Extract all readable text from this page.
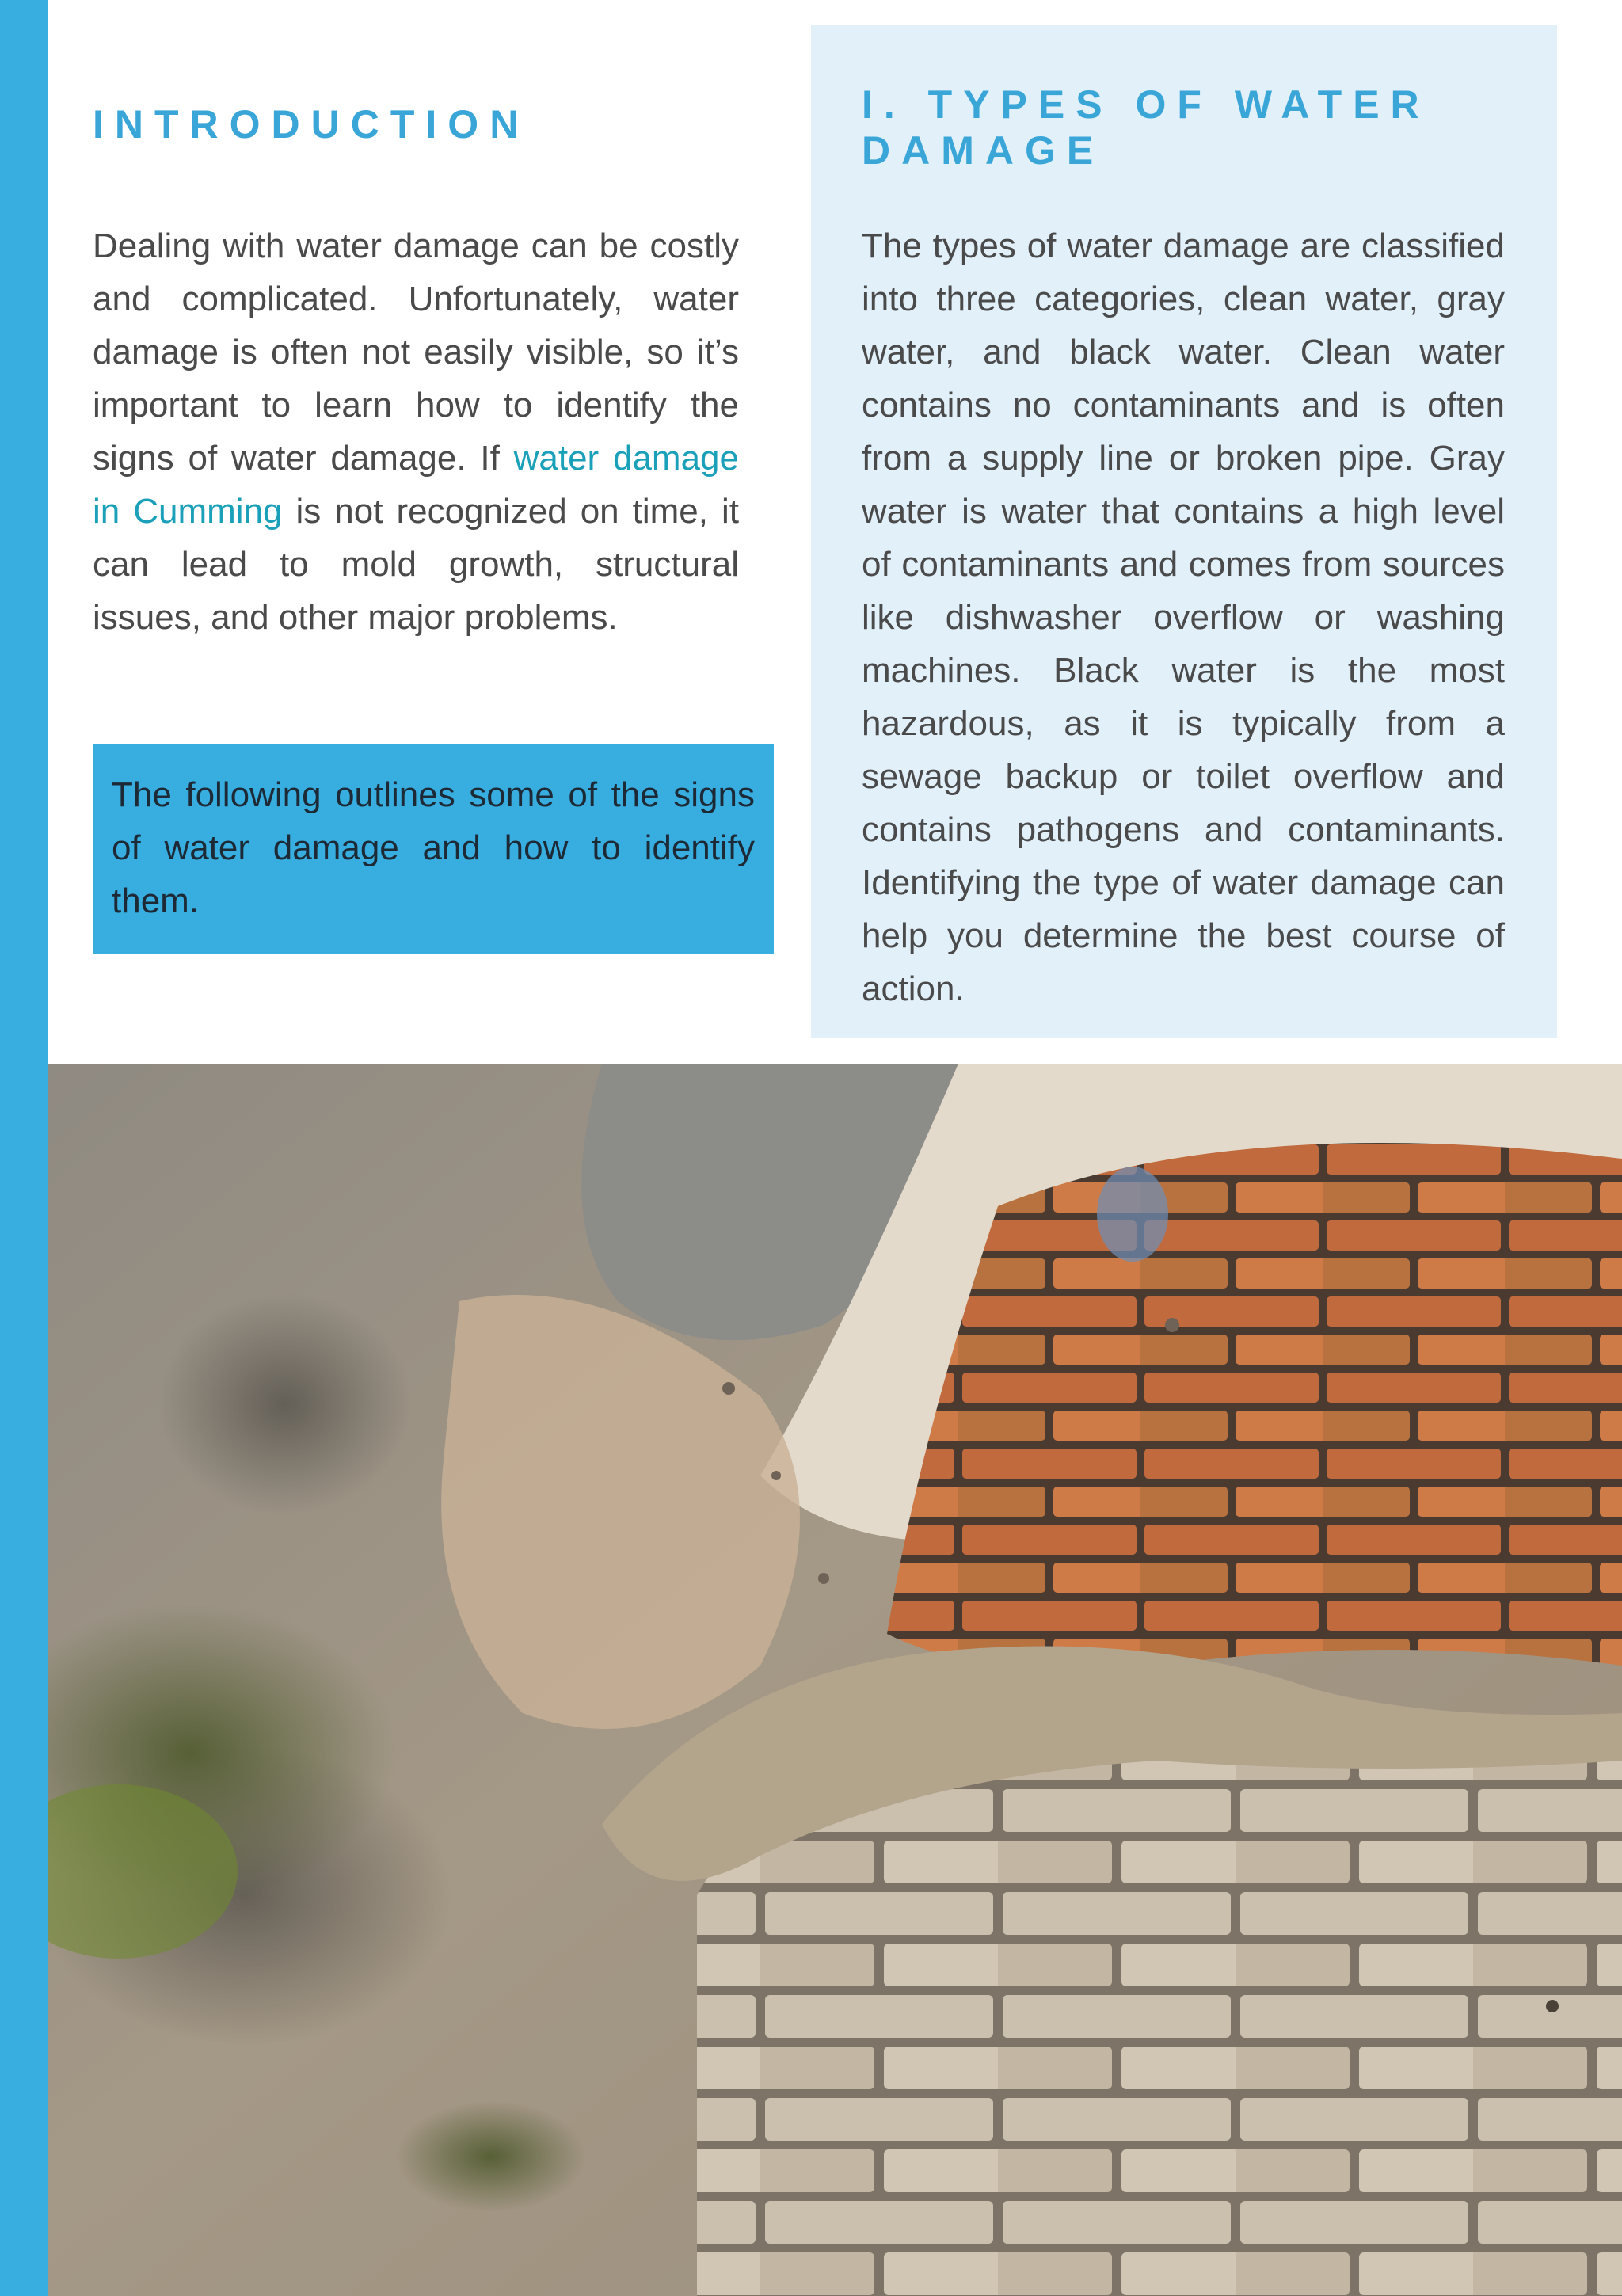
INTRODUCTION

Dealing with water damage can be costly and complicated. Unfortunately, water damage is often not easily visible, so it’s important to learn how to identify the signs of water damage. If water damage in Cumming is not recognized on time, it can lead to mold growth, structural issues, and other major problems.

The following outlines some of the signs of water damage and how to identify them.

I. TYPES OF WATER DAMAGE

The types of water damage are classified into three categories, clean water, gray water, and black water. Clean water contains no contaminants and is often from a supply line or broken pipe. Gray water is water that contains a high level of contaminants and comes from sources like dishwasher overflow or washing machines. Black water is the most hazardous, as it is typically from a sewage backup or toilet overflow and contains pathogens and contaminants. Identifying the type of water damage can help you determine the best course of action.
